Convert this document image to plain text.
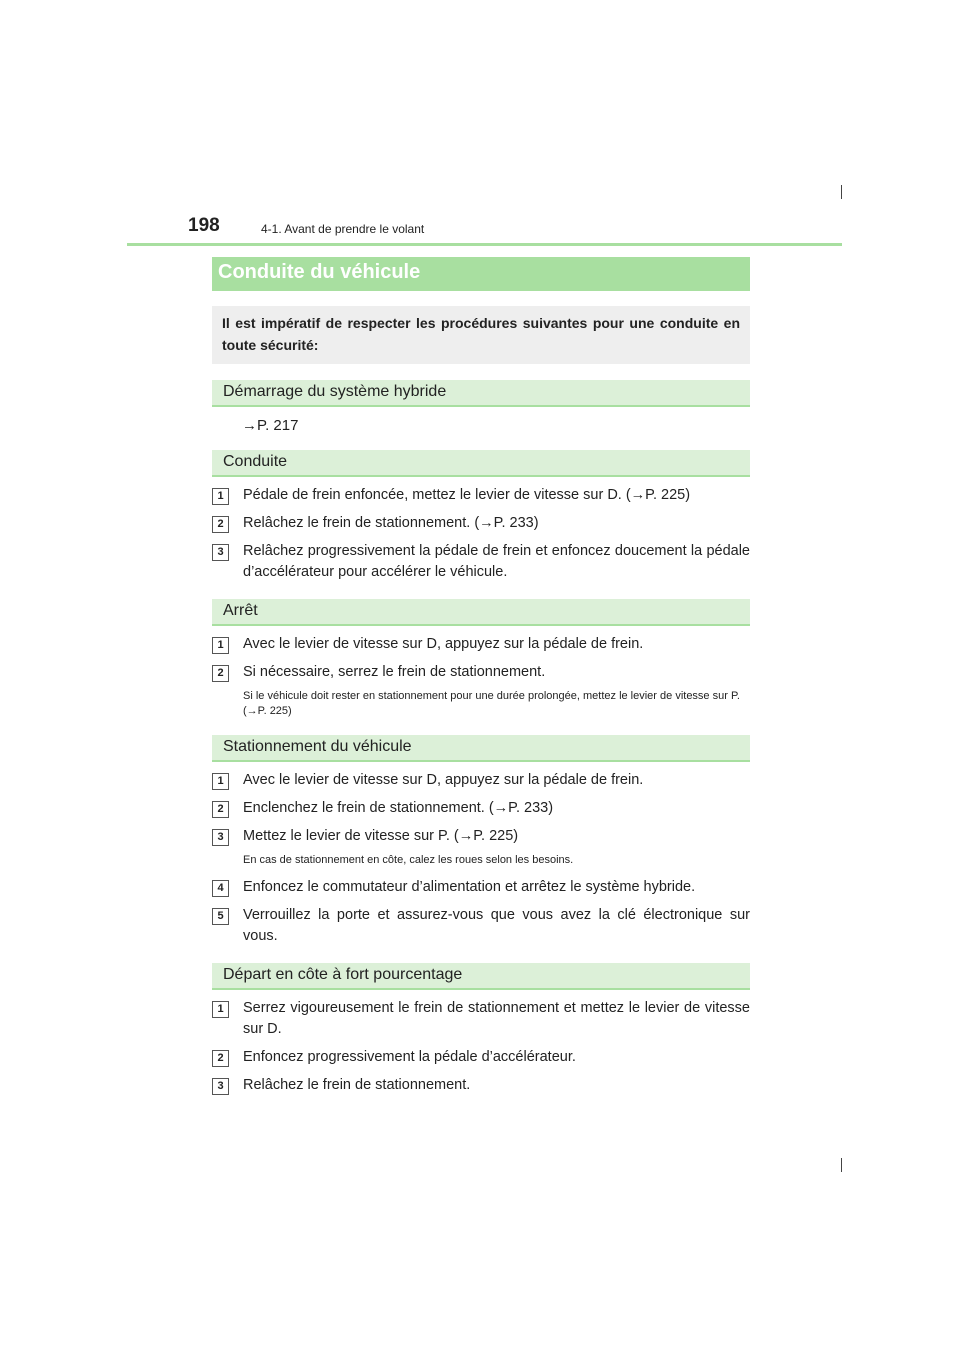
198	4-1. Avant de prendre le volant
Conduite du véhicule
Il est impératif de respecter les procédures suivantes pour une conduite en toute sécurité:
Démarrage du système hybride
→P. 217
Conduite
1	Pédale de frein enfoncée, mettez le levier de vitesse sur D. (→P. 225)
2	Relâchez le frein de stationnement. (→P. 233)
3	Relâchez progressivement la pédale de frein et enfoncez doucement la pédale d’accélérateur pour accélérer le véhicule.
Arrêt
1	Avec le levier de vitesse sur D, appuyez sur la pédale de frein.
2	Si nécessaire, serrez le frein de stationnement.
Si le véhicule doit rester en stationnement pour une durée prolongée, mettez le levier de vitesse sur P. (→P. 225)
Stationnement du véhicule
1	Avec le levier de vitesse sur D, appuyez sur la pédale de frein.
2	Enclenchez le frein de stationnement. (→P. 233)
3	Mettez le levier de vitesse sur P. (→P. 225)
En cas de stationnement en côte, calez les roues selon les besoins.
4	Enfoncez le commutateur d’alimentation et arrêtez le système hybride.
5	Verrouillez la porte et assurez-vous que vous avez la clé électronique sur vous.
Départ en côte à fort pourcentage
1	Serrez vigoureusement le frein de stationnement et mettez le levier de vitesse sur D.
2	Enfoncez progressivement la pédale d’accélérateur.
3	Relâchez le frein de stationnement.
